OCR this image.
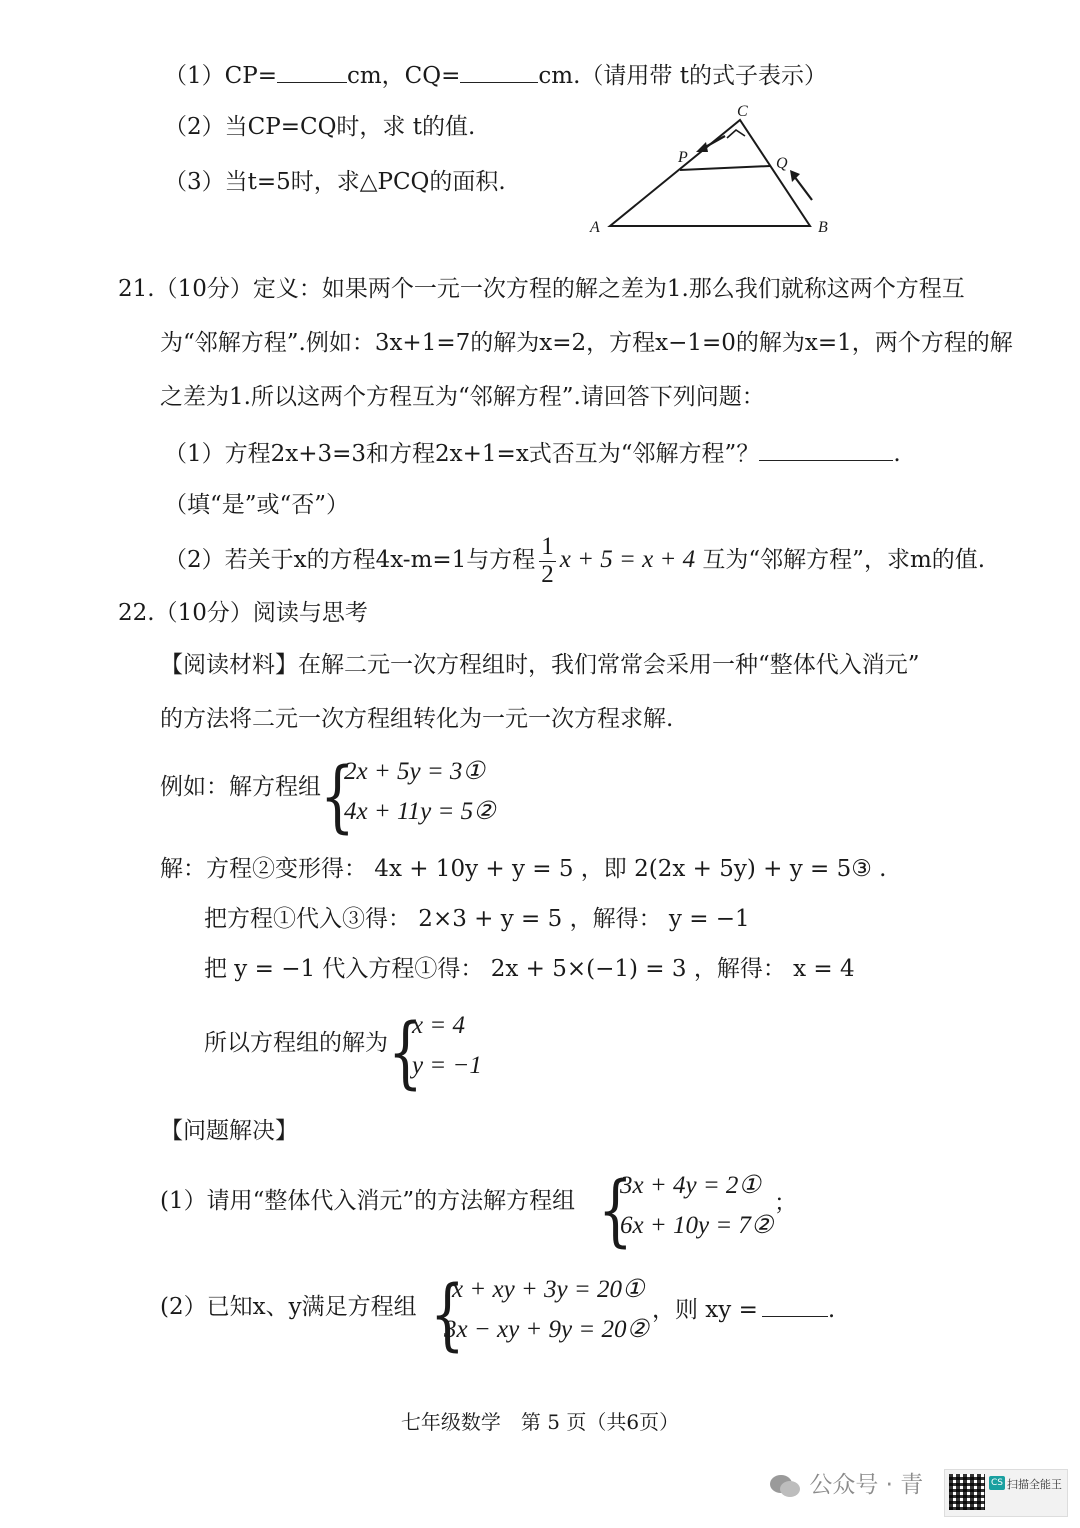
（1）CP=	cm，CQ=	cm.（请用带 t的式子表示）
（2）当CP=CQ时，求 t的值.
（3）当t=5时，求△PCQ的面积.
A	B
C
P	Q
21.（10分）定义：如果两个一元一次方程的解之差为1.那么我们就称这两个方程互
为“邻解方程”.例如：3x+1=7的解为x=2，方程x−1=0的解为x=1，两个方程的解
之差为1.所以这两个方程互为“邻解方程”.请回答下列问题：
（1）方程2x+3=3和方程2x+1=x式否互为“邻解方程”？	.
（填“是”或“否”）
（2）若关于x的方程4x-m=1与方程 $\frac{1}{2}$ x + 5 = x + 4 互为“邻解方程”，求m的值.
22.（10分）阅读与思考
【阅读材料】在解二元一次方程组时，我们常常会采用一种“整体代入消元”
的方法将二元一次方程组转化为一元一次方程求解.
例如：解方程组 {
2x + 5y = 3①
4x + 11y = 5②
解：方程②变形得： 4x + 10y + y = 5 ，即 2(2x + 5y) + y = 5③ .
把方程①代入③得： 2×3 + y = 5 ，解得： y = −1
把 y = −1 代入方程①得： 2x + 5×(−1) = 3 ，解得： x = 4
所以方程组的解为 {
x = 4
y = −1
【问题解决】
(1）请用“整体代入消元”的方法解方程组 {
3x + 4y = 2①
6x + 10y = 7②
；
(2）已知x、y满足方程组 {
x + xy + 3y = 20①
3x − xy + 9y = 20②
，则 xy =	.
七年级数学　第 5 页（共6页）
公众号 · 青	CS 扫描全能王
